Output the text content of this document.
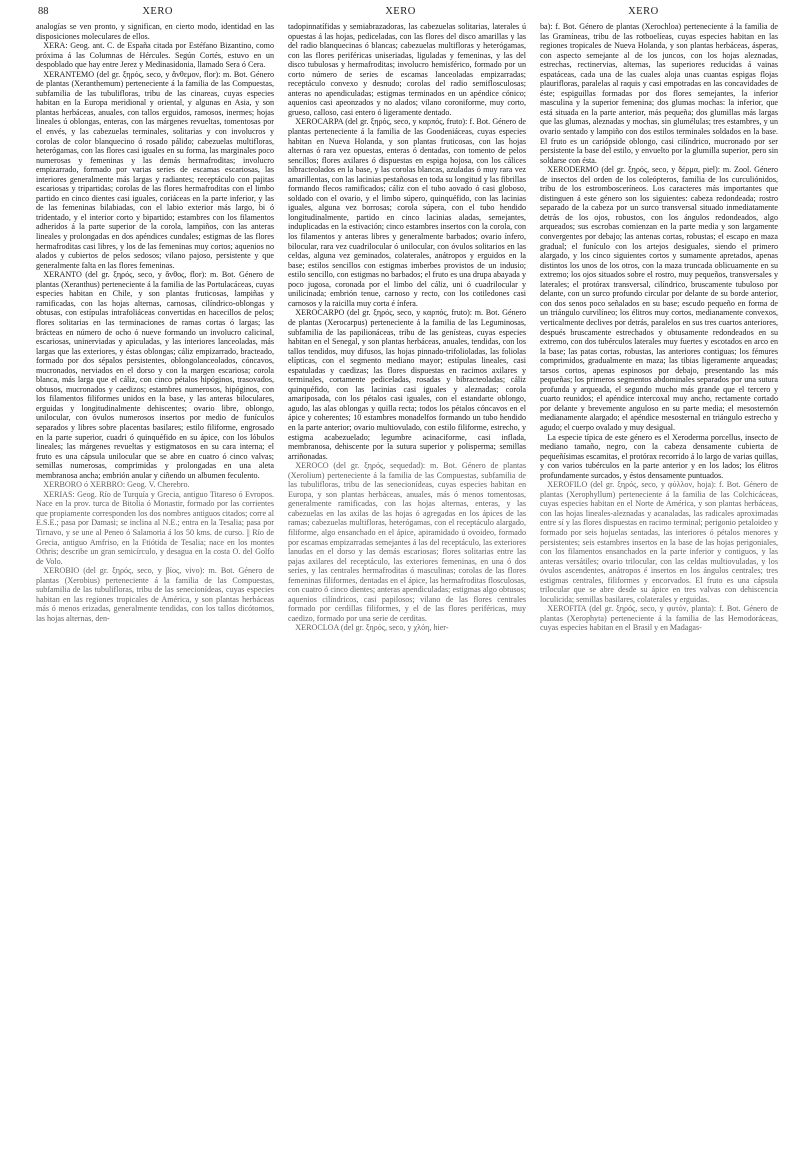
88	XERO	XERO	XERO

analogías se ven pronto, y significan, en cierto modo, identidad en las disposiciones moleculares de ellos.

XERA: Geog. ant. C. de España citada por Estéfano Bizantino, como próxima á las Columnas de Hércules. Según Cortés, estuvo en un despoblado que hay entre Jerez y Medinasidonia, llamado Sera ó Cera.

XERANTEMO (del gr. ξηρός, seco, y ἄνθεμον, flor): m. Bot. Género de plantas (Xeranthemum) perteneciente á la familia de las Compuestas, subfamilia de las tubulifloras, tribu de las cinareas, cuyas especies habitan en la Europa meridional y oriental, y algunas en Asia, y son plantas herbáceas, anuales, con tallos erguidos, ramosos, inermes; hojas lineales ú oblongas, enteras, con las márgenes revueltas, tomentosas por el envés, y las cabezuelas terminales, solitarias y con involucros y corolas de color blanquecino ó rosado pálido; cabezuelas multifloras, heterógamas, con las flores casi iguales en su forma, las marginales poco numerosas y femeninas y las demás hermafroditas; involucro empizarrado, formado por varias series de escamas escariosas, las interiores generalmente más largas y radiantes; receptáculo con pajitas escariosas y tripartidas; corolas de las flores hermafroditas con el limbo partido en cinco dientes casi iguales, coriáceas en la parte inferior, y las de las femeninas bilabiadas, con el labio exterior más largo, bi ó tridentado, y el interior corto y bipartido; estambres con los filamentos adheridos á la parte superior de la corola, lampiños, con las anteras lineales y prolongadas en dos apéndices cundales; estigmas de las flores hermafroditas casi libres, y los de las femeninas muy cortos; aquenios no alados y cubiertos de pelos sedosos; vilano pajoso, persistente y que generalmente falta en las flores femeninas.

XERANTO (del gr. ξηρός, seco, y ἄνθος, flor): m. Bot. Género de plantas (Xeranthus) perteneciente á la familia de las Portulacáceas, cuyas especies habitan en Chile, y son plantas fruticosas, lampiñas y ramificadas, con las hojas alternas, carnosas, cilíndrico-oblongas y obtusas, con estípulas intrafoliáceas convertidas en hacecillos de pelos; flores solitarias en las terminaciones de ramas cortas ó largas; las brácteas en número de ocho ó nueve formando un involucro calicinal, escariosas, uninerviadas y apiculadas, y las interiores lanceoladas, más largas que las exteriores, y éstas oblongas; cáliz empizarrado, bracteado, formado por dos sépalos persistentes, oblongolanceolados, cóncavos, mucronados, nerviados en el dorso y con la margen escariosa; corola blanca, más larga que el cáliz, con cinco pétalos hipóginos, trasovados, obtusos, mucronados y caedizos; estambres numerosos, hipóginos, con los filamentos filiformes unidos en la base, y las anteras biloculares, erguidas y longitudinalmente dehiscentes; ovario libre, oblongo, unilocular, con óvulos numerosos insertos por medio de funículos separados y libres sobre placentas basilares; estilo filiforme, engrosado en la parte superior, cuadri ó quinquéfido en su ápice, con los lóbulos lineales; las márgenes revueltas y estigmatosos en su cara interna; el fruto es una cápsula unilocular que se abre en cuatro ó cinco valvas; semillas numerosas, comprimidas y prolongadas en una aleta membranosa ancha; embrión anular y ciñendo un albumen feculento.

XERBORO ó XERBRO: Geog. V. Cherebro.

XERIAS: Geog. Río de Turquía y Grecia, antiguo Titareso ó Evropos. Nace en la prov. turca de Bitolia ó Monastir, formado por las corrientes que propiamente corresponden los dos nombres antiguos citados; corre al E.S.E.; pasa por Damasi; se inclina al N.E.; entra en la Tesalia; pasa por Tirnavo, y se une al Peneo ó Salamoria á los 50 kms. de curso. || Río de Grecia, antiguo Amfriso, en la Ftiótida de Tesalia; nace en los montes Othris; describe un gran semicírculo, y desagua en la costa O. del Golfo de Volo.

XEROBIO (del gr. ξηρός, seco, y βίος, vivo): m. Bot. Género de plantas (Xerobius) perteneciente á la familia de las Compuestas, subfamilia de las tubulifloras, tribu de las senecionídeas, cuyas especies habitan en las regiones tropicales de América, y son plantas herbáceas más ó menos erizadas, generalmente tendidas, con los tallos dicótomos, las hojas alternas, den-

tadopinnatífidas y semiabrazadoras, las cabezuelas solitarias, laterales ú opuestas á las hojas, pedicеladas, con las flores del disco amarillas y las del radio blanquecinas ó blancas; cabezuelas multifloras y heterógamas, con las flores periféricas uniseriadas, liguladas y femeninas, y las del disco tubulosas y hermafroditas; involucro hemisférico, formado por un corto número de series de escamas lanceoladas empizarradas; receptáculo convexo y desnudo; corolas del radio semiflosculosas; anteras no apendiculadas; estigmas terminados en un apéndice cónico; aquenios casi apeonzados y no alados; vilano coroniforme, muy corto, grueso, calloso, casi entero ó ligeramente dentado.

XEROCARPA (del gr. ξηρός, seco, y καρπός, fruto): f. Bot. Género de plantas perteneciente á la familia de las Goodeniáceas, cuyas especies habitan en Nueva Holanda, y son plantas fruticosas, con las hojas alternas ó rara vez opuestas, enteras ó dentadas, con tomento de pelos sencillos; flores axilares ó dispuestas en espiga hojosa, con los cálices bibracteolados en la base, y las corolas blancas, azuladas ó muy rara vez amarillentas, con las lacinias pestañosas en toda su longitud y las fibrillas formando flecos ramificados; cáliz con el tubo aovado ó casi globoso, soldado con el ovario, y el limbo súpero, quinquéfido, con las lacinias iguales, alguna vez borrosas; corola súpera, con el tubo hendido longitudinalmente, partido en cinco lacinias aladas, semejantes, induplicadas en la estivación; cinco estambres insertos con la corola, con los filamentos y anteras libres y generalmente barbados; ovario ínfero, bilocular, rara vez cuadrilocular ó unilocular, con óvulos solitarios en las celdas, alguna vez geminados, colaterales, anátropos y erguidos en la base; estilos sencillos con estigmas imberbes provistos de un indusio; estilo sencillo, con estigmas no barbados; el fruto es una drupa abayada y poco jugosa, coronada por el limbo del cáliz, uni ó cuadrilocular y unilicinada; embrión tenue, carnoso y recto, con los cotiledones casi carnosos y la raicilla muy corta é ínfera.

XEROCARPO (del gr. ξηρός, seco, y καρπός, fruto): m. Bot. Género de plantas (Xerocarpus) perteneciente á la familia de las Leguminosas, subfamilia de las papilionáceas, tribu de las genísteas, cuyas especies habitan en el Senegal, y son plantas herbáceas, anuales, tendidas, con los tallos tendidos, muy difusos, las hojas pinnado-trifolioladas, las foliolas elípticas, con el segmento mediano mayor; estípulas lineales, casi espatuladas y caedizas; las flores dispuestas en racimos axilares y terminales, cortamente pedicеladas, rosadas y bibracteoladas; cáliz quinquéfido, con las lacinias casi iguales y aleznadas; corola amariposada, con los pétalos casi iguales, con el estandarte oblongo, agudo, las alas oblongas y quilla recta; todos los pétalos cóncavos en el ápice y coherentes; 10 estambres monadelfos formando un tubo hendido en la parte anterior; ovario multiovulado, con estilo filiforme, estrecho, y estigma acabezuelado; legumbre acinaciforme, casi inflada, membranosa, dehiscente por la sutura superior y polisperma; semillas arriñonadas.

XEROCO (del gr. ξηρός, sequedad): m. Bot. Género de plantas (Xerolium) perteneciente á la familia de las Compuestas, subfamilia de las tubulifloras, tribu de las senecionídeas, cuyas especies habitan en Europa, y son plantas herbáceas, anuales, más ó menos tomentosas, generalmente ramificadas, con las hojas alternas, enteras, y las cabezuelas en las axilas de las hojas ó agregadas en los ápices de las ramas; cabezuelas multifloras, heterógamas, con el receptáculo alargado, filiforme, algo ensanchado en el ápice, apiramidado ú ovoideo, formado por escamas empizarradas semejantes á las del receptáculo, las exteriores lanudas en el dorso y las demás escariosas; flores solitarias entre las pajas axilares del receptáculo, las exteriores femeninas, en una ó dos series, y las centrales hermafroditas ó masculinas; corolas de las flores femeninas filiformes, dentadas en el ápice, las hermafroditas flosculosas, con cuatro ó cinco dientes; anteras apendiculadas; estigmas algo obtusos; aquenios cilíndricos, casi papilosos; vilano de las flores centrales formado por cerdillas filiformes, y el de las flores periféricas, muy caedizo, formado por una serie de cerditas.

XEROCLOA (del gr. ξηρός, seco, y χλόη, hier-

ba): f. Bot. Género de plantas (Xerochloa) perteneciente á la familia de las Gramíneas, tribu de las rotboelíeas, cuyas especies habitan en las regiones tropicales de Nueva Holanda, y son plantas herbáceas, ásperas, con aspecto semejante al de los juncos, con los hojas aleznadas, estrechas, rectinervias, alternas, las superiores reducidas á vainas espatáceas, cada una de las cuales aloja unas cuantas espigas flojas plaurifloras, paralelas al raquis y casi empotradas en las concavidades de éste; espiguillas formadas por dos flores semejantes, la inferior masculina y la superior femenina; dos glumas mochas: la inferior, que está situada en la parte anterior, más pequeña; dos glumillas más largas que las glumas, aleznadas y mochas, sin glumélulas; tres estambres, y un ovario sentado y lampiño con dos estilos terminales soldados en la base. El fruto es un cariópside oblongo, casi cilíndrico, mucronado por ser persistente la base del estilo, y envuelto por la glumilla superior, pero sin soldarse con ésta.

XERODERMO (del gr. ξηρός, seco, y δέρμα, piel): m. Zool. Género de insectos del orden de los coleópteros, familia de los curculiónidos, tribu de los estrombosceríneos. Los caracteres más importantes que distinguen á este género son los siguientes: cabeza redondeada; rostro separado de la cabeza por un surco transversal situado inmediatamente detrás de los ojos, robustos, con los ángulos redondeados, algo arqueados; sus escrobas comienzan en la parte media y son largamente convergentes por debajo; las antenas cortas, robustas; el escapo en maza gradual; el funículo con los artejos desiguales, siendo el primero alargado, y los cinco siguientes cortos y sumamente apretados, apenas distintos los unos de los otros, con la maza truncada oblicuamente en su extremo; los ojos situados sobre el rostro, muy pequeños, transversales y laterales; el protórax transversal, cilíndrico, bruscamente tubuloso por delante, con un surco profundo circular por delante de su borde anterior, con dos senos poco señalados en su base; escudo pequeño en forma de un triángulo curvilíneo; los élitros muy cortos, medianamente convexos, verticalmente declives por detrás, paralelos en sus tres cuartos anteriores, después bruscamente estrechados y obtusamente redondeados en su extremo, con dos tubérculos laterales muy fuertes y escotados en arco en la base; las patas cortas, robustas, las anteriores contiguas; los fémures comprimidos, gradualmente en maza; las tibias ligeramente arqueadas; tarsos cortos, apenas espinosos por debajo, presentando las más pequeñas; los primeros segmentos abdominales separados por una sutura profunda y arqueada, el segundo mucho más grande que el tercero y cuarto reunidos; el apéndice intercoxal muy ancho, rectamente cortado por delante y brevemente anguloso en su parte media; el mesosternón medianamente alargado; el apéndice mesosternal en triángulo estrecho y agudo; el cuerpo ovalado y muy desigual.

La especie típica de este género es el Xeroderma porcellus, insecto de mediano tamaño, negro, con la cabeza densamente cubierta de pequeñísimas escamitas, el protórax recorrido á lo largo de varias quillas, y con varios tubérculos en la parte anterior y en los lados; los élitros profundamente surcados, y éstos densamente puntuados.

XEROFILO (del gr. ξηρός, seco, y φύλλον, hoja): f. Bot. Género de plantas (Xerophyllum) perteneciente á la familia de las Colchicáceas, cuyas especies habitan en el Norte de América, y son plantas herbáceas, con las hojas lineales-aleznadas y acanaladas, las radicales aproximadas entre sí y las flores dispuestas en racimo terminal; perigonio petaloideo y formado por seis hojuelas sentadas, las interiores ó pétalos menores y persistentes; seis estambres insertos en la base de las hojas perigoniales, con los filamentos ensanchados en la parte inferior y contiguos, y las anteras versátiles; ovario trilocular, con las celdas multiovuladas, y los óvulos ascendentes, anátropos é insertos en los ángulos centrales; tres estigmas centrales, filiformes y encorvados. El fruto es una cápsula trilocular que se abre desde su ápice en tres valvas con dehiscencia loculicida; semillas basilares, colaterales y erguidas.

XEROFITA (del gr. ξηρός, seco, y φυτόν, planta): f. Bot. Género de plantas (Xerophyta) perteneciente á la familia de las Hemodoráceas, cuyas especies habitan en el Brasil y en Madagas-
